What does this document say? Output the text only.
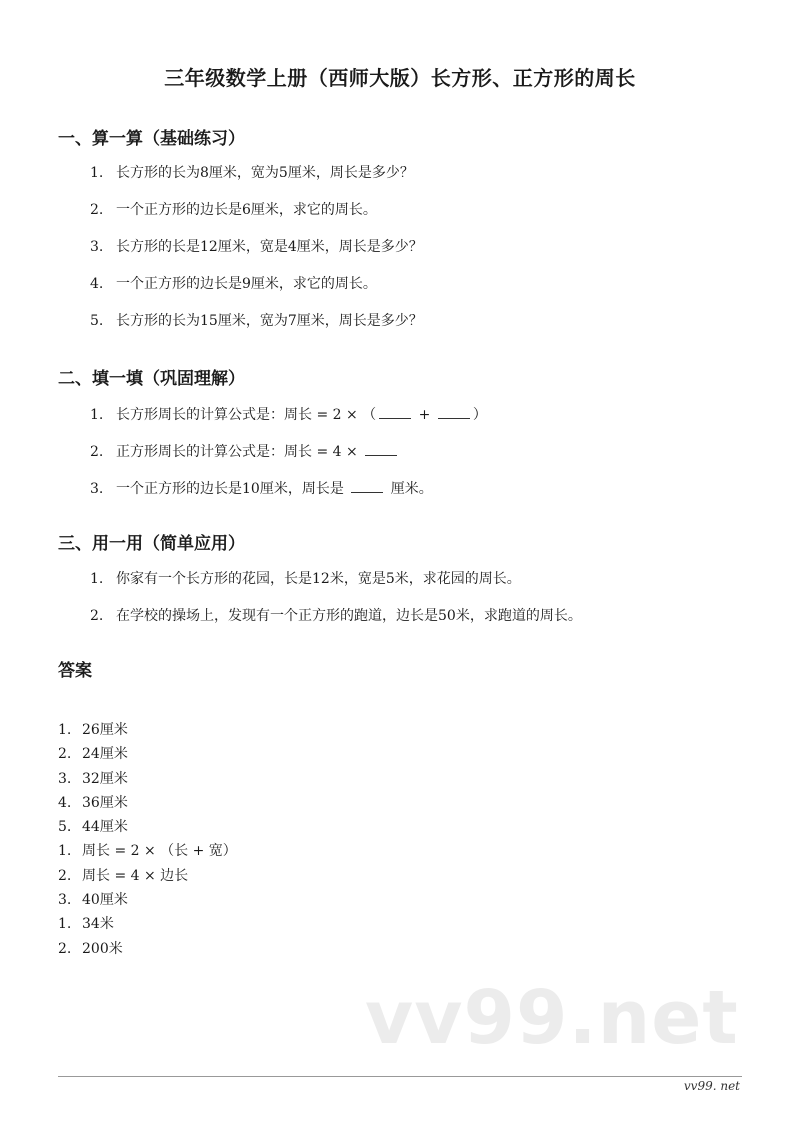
三年级数学上册（西师大版）长方形、正方形的周长
一、算一算（基础练习）
1. 长方形的长为8厘米，宽为5厘米，周长是多少？
2. 一个正方形的边长是6厘米，求它的周长。
3. 长方形的长是12厘米，宽是4厘米，周长是多少？
4. 一个正方形的边长是9厘米，求它的周长。
5. 长方形的长为15厘米，宽为7厘米，周长是多少？
二、填一填（巩固理解）
1. 长方形周长的计算公式是：周长 = 2 × （	+	）
2. 正方形周长的计算公式是：周长 = 4 ×
3. 一个正方形的边长是10厘米，周长是	厘米。
三、用一用（简单应用）
1. 你家有一个长方形的花园，长是12米，宽是5米，求花园的周长。
2. 在学校的操场上，发现有一个正方形的跑道，边长是50米，求跑道的周长。
答案
1. 26厘米
2. 24厘米
3. 32厘米
4. 36厘米
5. 44厘米
1. 周长 = 2 × （长 + 宽）
2. 周长 = 4 × 边长
3. 40厘米
1. 34米
2. 200米
vv99.net
vv99. net
